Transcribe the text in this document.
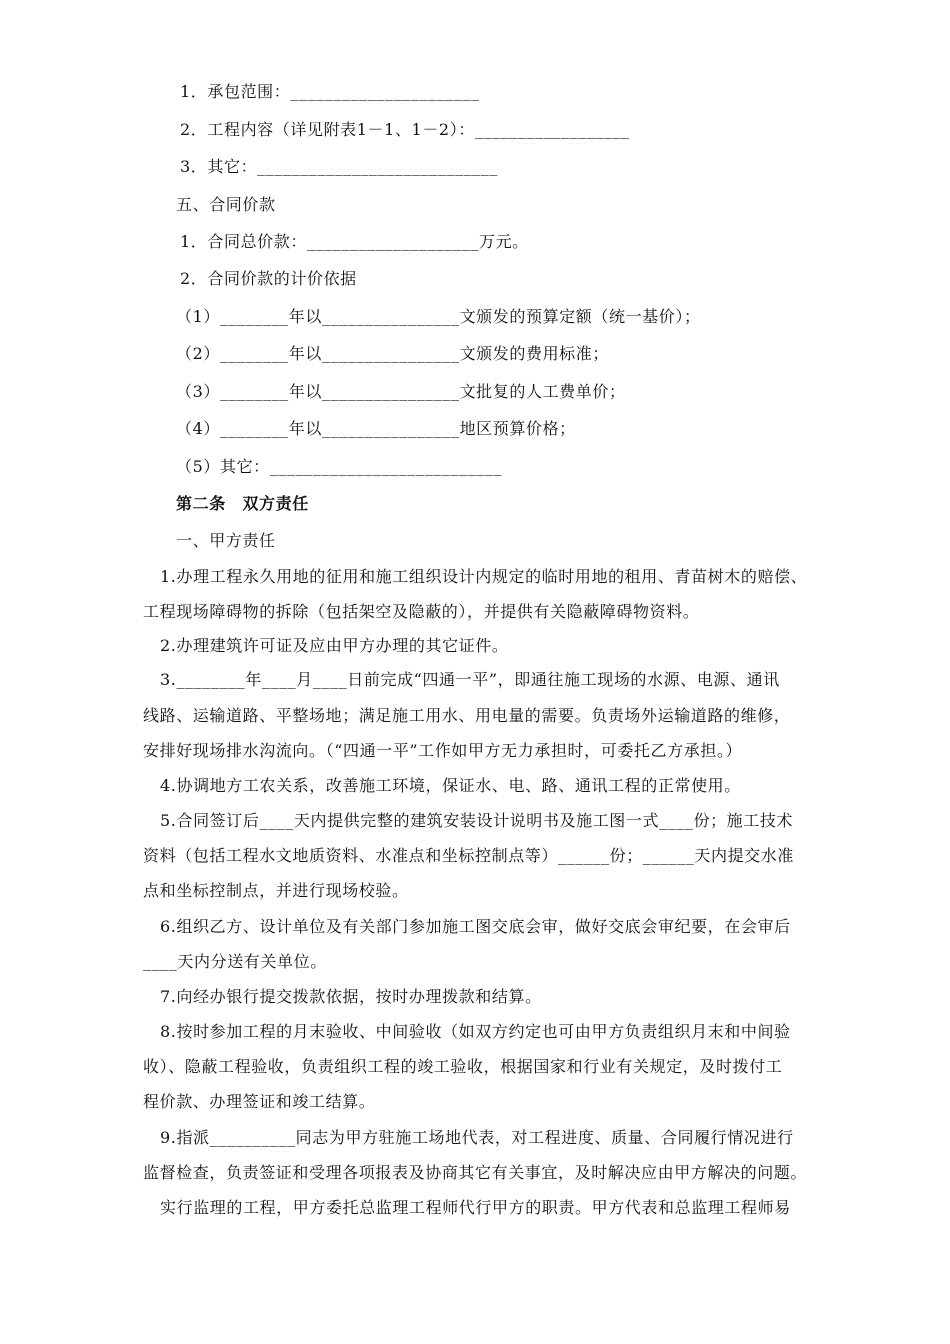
1．承包范围：______________________
2．工程内容（详见附表1－1、1－2）：__________________
3．其它：____________________________
五、合同价款
1．合同总价款：____________________万元。
2．合同价款的计价依据
（1）________年以________________文颁发的预算定额（统一基价）；
（2）________年以________________文颁发的费用标准；
（3）________年以________________文批复的人工费单价；
（4）________年以________________地区预算价格；
（5）其它：___________________________
第二条　双方责任
一、甲方责任
1.办理工程永久用地的征用和施工组织设计内规定的临时用地的租用、青苗树木的赔偿、
工程现场障碍物的拆除（包括架空及隐蔽的），并提供有关隐蔽障碍物资料。
2.办理建筑许可证及应由甲方办理的其它证件。
3.________年____月____日前完成“四通一平”，即通往施工现场的水源、电源、通讯
线路、运输道路、平整场地；满足施工用水、用电量的需要。负责场外运输道路的维修，
安排好现场排水沟流向。（“四通一平”工作如甲方无力承担时，可委托乙方承担。）
4.协调地方工农关系，改善施工环境，保证水、电、路、通讯工程的正常使用。
5.合同签订后____天内提供完整的建筑安装设计说明书及施工图一式____份；施工技术
资料（包括工程水文地质资料、水准点和坐标控制点等）______份；______天内提交水准
点和坐标控制点，并进行现场校验。
6.组织乙方、设计单位及有关部门参加施工图交底会审，做好交底会审纪要，在会审后
____天内分送有关单位。
7.向经办银行提交拨款依据，按时办理拨款和结算。
8.按时参加工程的月末验收、中间验收（如双方约定也可由甲方负责组织月末和中间验
收）、隐蔽工程验收，负责组织工程的竣工验收，根据国家和行业有关规定，及时拨付工
程价款、办理签证和竣工结算。
9.指派__________同志为甲方驻施工场地代表，对工程进度、质量、合同履行情况进行
监督检查，负责签证和受理各项报表及协商其它有关事宜，及时解决应由甲方解决的问题。
实行监理的工程，甲方委托总监理工程师代行甲方的职责。甲方代表和总监理工程师易
